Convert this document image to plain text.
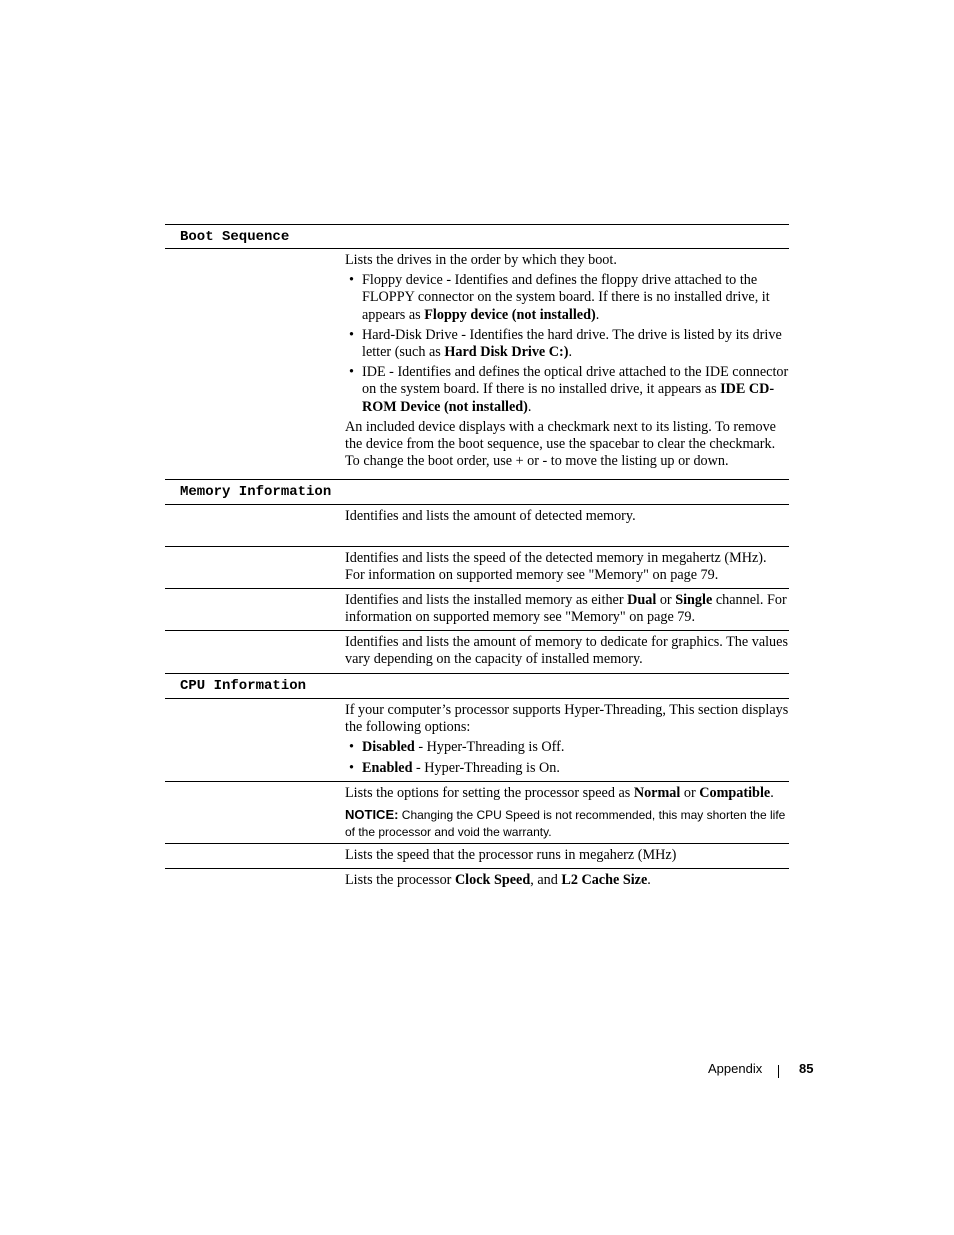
Boot Sequence

Lists the drives in the order by which they boot.

• Floppy device - Identifies and defines the floppy drive attached to the FLOPPY connector on the system board. If there is no installed drive, it appears as Floppy device (not installed).
• Hard-Disk Drive - Identifies the hard drive. The drive is listed by its drive letter (such as Hard Disk Drive C:).
• IDE - Identifies and defines the optical drive attached to the IDE connector on the system board. If there is no installed drive, it appears as IDE CD-ROM Device (not installed).

An included device displays with a checkmark next to its listing. To remove the device from the boot sequence, use the spacebar to clear the checkmark. To change the boot order, use + or - to move the listing up or down.

Memory Information

Identifies and lists the amount of detected memory.

Identifies and lists the speed of the detected memory in megahertz (MHz). For information on supported memory see "Memory" on page 79.

Identifies and lists the installed memory as either Dual or Single channel. For information on supported memory see "Memory" on page 79.

Identifies and lists the amount of memory to dedicate for graphics. The values vary depending on the capacity of installed memory.

CPU Information

If your computer’s processor supports Hyper-Threading, This section displays the following options:

• Disabled - Hyper-Threading is Off.
• Enabled - Hyper-Threading is On.

Lists the options for setting the processor speed as Normal or Compatible.

NOTICE: Changing the CPU Speed is not recommended, this may shorten the life of the processor and void the warranty.

Lists the speed that the processor runs in megaherz (MHz)

Lists the processor Clock Speed, and L2 Cache Size.

Appendix	85
